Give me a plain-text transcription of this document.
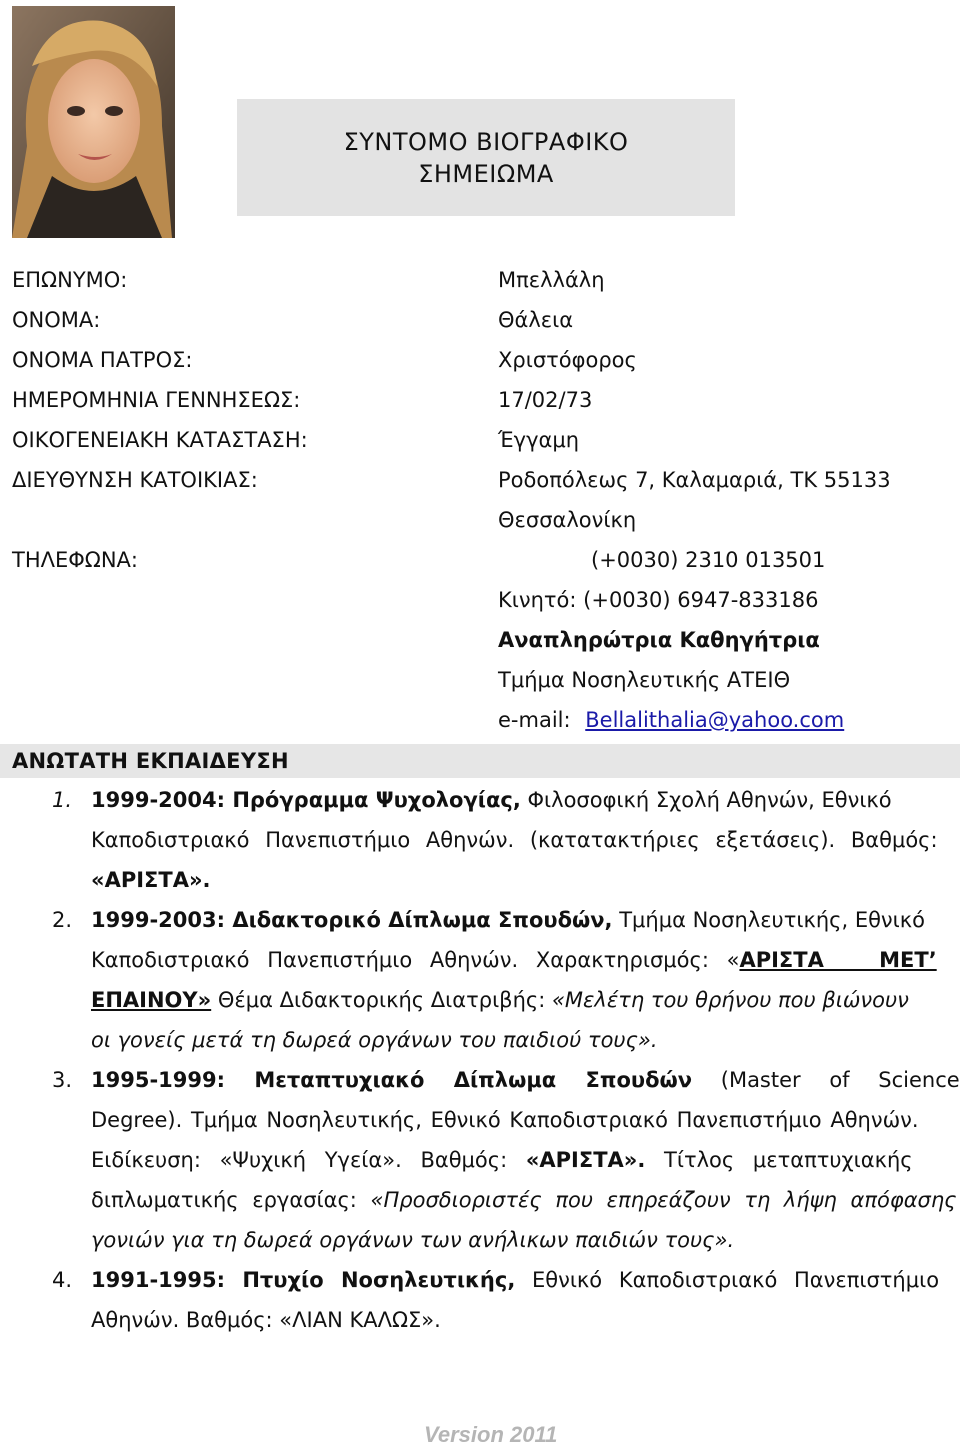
ΣΥΝΤΟΜΟ ΒΙΟΓΡΑΦΙΚΟ
ΣΗΜΕΙΩΜΑ
ΕΠΩΝΥΜΟ:	Μπελλάλη
ΟΝΟΜΑ:	Θάλεια
ΟΝΟΜΑ ΠΑΤΡΟΣ:	Χριστόφορος
ΗΜΕΡΟΜΗΝΙΑ ΓΕΝΝΗΣΕΩΣ:	17/02/73
ΟΙΚΟΓΕΝΕΙΑΚΗ ΚΑΤΑΣΤΑΣΗ:	Έγγαμη
ΔΙΕΥΘΥΝΣΗ ΚΑΤΟΙΚΙΑΣ:	Ροδοπόλεως 7, Καλαμαριά, ΤΚ 55133
Θεσσαλονίκη
ΤΗΛΕΦΩΝΑ:	(+0030) 2310 013501
Κινητό: (+0030) 6947-833186
Αναπληρώτρια Καθηγήτρια
Τμήμα Νοσηλευτικής ΑΤΕΙΘ
e-mail: Bellalithalia@yahoo.com
ΑΝΩΤΑΤΗ ΕΚΠΑΙΔΕΥΣΗ
1. 1999-2004: Πρόγραμμα Ψυχολογίας, Φιλοσοφική Σχολή Αθηνών, Εθνικό
Καποδιστριακό Πανεπιστήμιο Αθηνών. (κατατακτήριες εξετάσεις). Βαθμός:
«ΑΡΙΣΤΑ».
2. 1999-2003: Διδακτορικό Δίπλωμα Σπουδών, Τμήμα Νοσηλευτικής, Εθνικό
Καποδιστριακό Πανεπιστήμιο Αθηνών. Χαρακτηρισμός: «ΑΡΙΣΤΑ ΜΕΤ’
ΕΠΑΙΝΟΥ» Θέμα Διδακτορικής Διατριβής: «Μελέτη του θρήνου που βιώνουν
οι γονείς μετά τη δωρεά οργάνων του παιδιού τους».
3. 1995-1999: Μεταπτυχιακό Δίπλωμα Σπουδών (Master of Science
Degree). Τμήμα Νοσηλευτικής, Εθνικό Καποδιστριακό Πανεπιστήμιο Αθηνών.
Ειδίκευση: «Ψυχική Υγεία». Βαθμός: «ΑΡΙΣΤΑ». Τίτλος μεταπτυχιακής
διπλωματικής εργασίας: «Προσδιοριστές που επηρεάζουν τη λήψη απόφασης
γονιών για τη δωρεά οργάνων των ανήλικων παιδιών τους».
4. 1991-1995: Πτυχίο Νοσηλευτικής, Εθνικό Καποδιστριακό Πανεπιστήμιο
Αθηνών. Βαθμός: «ΛΙΑΝ ΚΑΛΩΣ».
Version 2011
